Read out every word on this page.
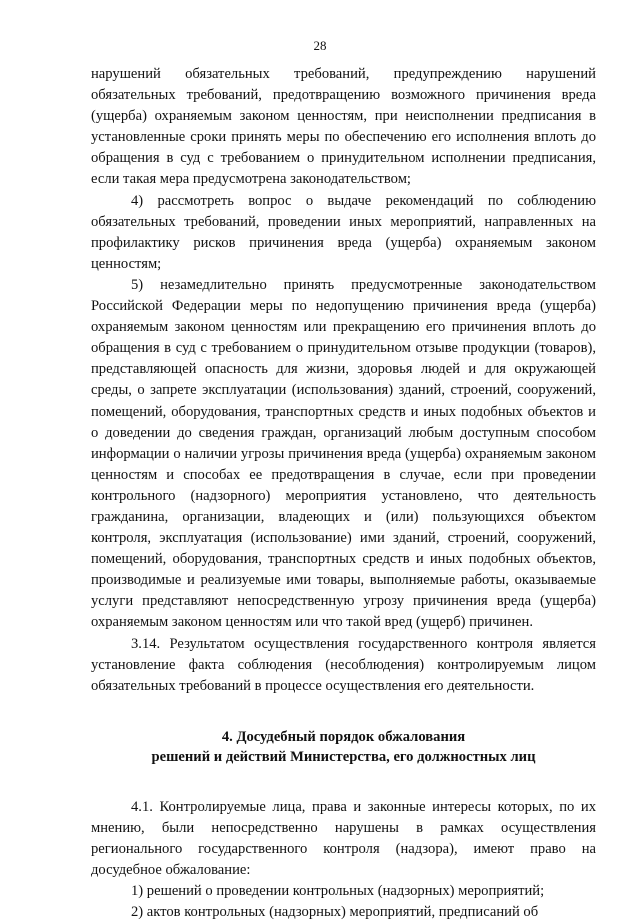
28

нарушений обязательных требований, предупреждению нарушений обязательных требований, предотвращению возможного причинения вреда (ущерба) охраняемым законом ценностям, при неисполнении предписания в установленные сроки принять меры по обеспечению его исполнения вплоть до обращения в суд с требованием о принудительном исполнении предписания, если такая мера предусмотрена законодательством;

4) рассмотреть вопрос о выдаче рекомендаций по соблюдению обязательных требований, проведении иных мероприятий, направленных на профилактику рисков причинения вреда (ущерба) охраняемым законом ценностям;

5) незамедлительно принять предусмотренные законодательством Российской Федерации меры по недопущению причинения вреда (ущерба) охраняемым законом ценностям или прекращению его причинения вплоть до обращения в суд с требованием о принудительном отзыве продукции (товаров), представляющей опасность для жизни, здоровья людей и для окружающей среды, о запрете эксплуатации (использования) зданий, строений, сооружений, помещений, оборудования, транспортных средств и иных подобных объектов и о доведении до сведения граждан, организаций любым доступным способом информации о наличии угрозы причинения вреда (ущерба) охраняемым законом ценностям и способах ее предотвращения в случае, если при проведении контрольного (надзорного) мероприятия установлено, что деятельность гражданина, организации, владеющих и (или) пользующихся объектом контроля, эксплуатация (использование) ими зданий, строений, сооружений, помещений, оборудования, транспортных средств и иных подобных объектов, производимые и реализуемые ими товары, выполняемые работы, оказываемые услуги представляют непосредственную угрозу причинения вреда (ущерба) охраняемым законом ценностям или что такой вред (ущерб) причинен.

3.14. Результатом осуществления государственного контроля является установление факта соблюдения (несоблюдения) контролируемым лицом обязательных требований в процессе осуществления его деятельности.

4. Досудебный порядок обжалования
решений и действий Министерства, его должностных лиц

4.1. Контролируемые лица, права и законные интересы которых, по их мнению, были непосредственно нарушены в рамках осуществления регионального государственного контроля (надзора), имеют право на досудебное обжалование:

1) решений о проведении контрольных (надзорных) мероприятий;

2) актов контрольных (надзорных) мероприятий, предписаний об
